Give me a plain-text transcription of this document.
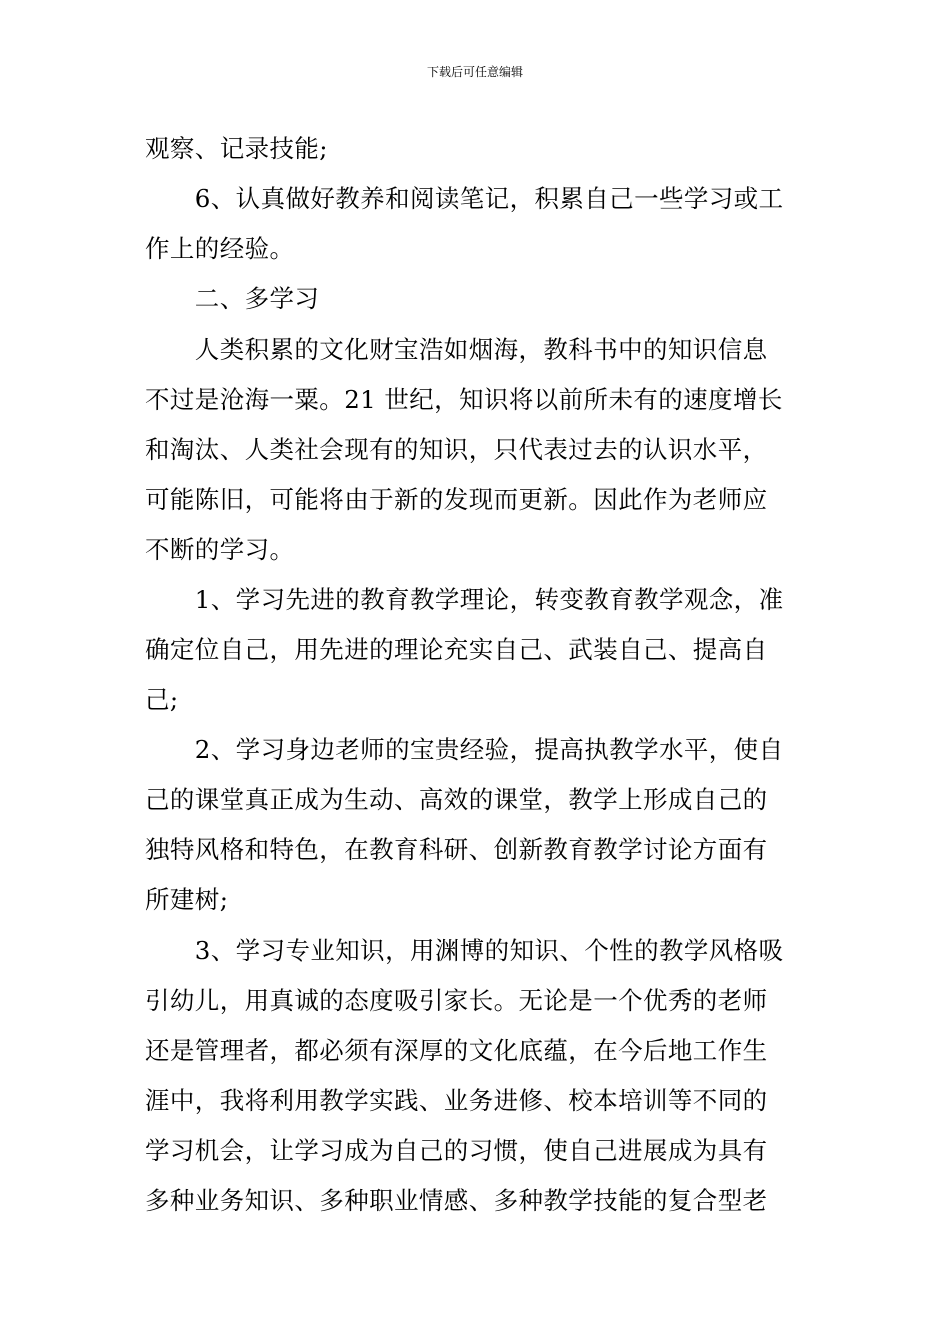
下载后可任意编辑
观察、记录技能;
　　6、认真做好教养和阅读笔记，积累自己一些学习或工
作上的经验。
　　二、多学习
　　人类积累的文化财宝浩如烟海，教科书中的知识信息
不过是沧海一粟。21 世纪，知识将以前所未有的速度增长
和淘汰、人类社会现有的知识，只代表过去的认识水平，
可能陈旧，可能将由于新的发现而更新。因此作为老师应
不断的学习。
　　1、学习先进的教育教学理论，转变教育教学观念，准
确定位自己，用先进的理论充实自己、武装自己、提高自
己;
　　2、学习身边老师的宝贵经验，提高执教学水平，使自
己的课堂真正成为生动、高效的课堂，教学上形成自己的
独特风格和特色，在教育科研、创新教育教学讨论方面有
所建树;
　　3、学习专业知识，用渊博的知识、个性的教学风格吸
引幼儿，用真诚的态度吸引家长。无论是一个优秀的老师
还是管理者，都必须有深厚的文化底蕴，在今后地工作生
涯中，我将利用教学实践、业务进修、校本培训等不同的
学习机会，让学习成为自己的习惯，使自己进展成为具有
多种业务知识、多种职业情感、多种教学技能的复合型老
